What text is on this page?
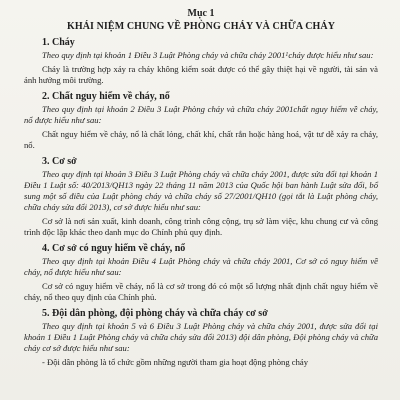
Mục 1

KHÁI NIỆM CHUNG VỀ PHÒNG CHÁY VÀ CHỮA CHÁY

1. Cháy

Theo quy định tại khoản 1 Điều 3 Luật Phòng cháy và chữa cháy 2001$^1$cháy được hiểu như sau:

Cháy là trường hợp xảy ra cháy không kiểm soát được có thể gây thiệt hại về người, tài sản và ảnh hưởng môi trường.

2. Chất nguy hiểm về cháy, nổ

Theo quy định tại khoản 2 Điều 3 Luật Phòng cháy và chữa cháy 2001chất nguy hiểm về cháy, nổ được hiểu như sau:

Chất nguy hiểm về cháy, nổ là chất lỏng, chất khí, chất rắn hoặc hàng hoá, vật tư dễ xảy ra cháy, nổ.

3. Cơ sở

Theo quy định tại khoản 3 Điều 3 Luật Phòng cháy và chữa cháy 2001, được sửa đổi tại khoản 1 Điều 1 Luật số: 40/2013/QH13 ngày 22 tháng 11 năm 2013 của Quốc hội ban hành Luật sửa đổi, bổ sung một số điều của Luật phòng cháy và chữa cháy số 27/2001/QH10 (gọi tắt là Luật phòng cháy, chữa cháy sửa đổi 2013), cơ sở được hiểu như sau:

Cơ sở là nơi sản xuất, kinh doanh, công trình công cộng, trụ sở làm việc, khu chung cư và công trình độc lập khác theo danh mục do Chính phủ quy định.

4. Cơ sở có nguy hiểm về cháy, nổ

Theo quy định tại khoản Điều 4 Luật Phòng cháy và chữa cháy 2001, Cơ sở có nguy hiểm về cháy, nổ được hiểu như sau:

Cơ sở có nguy hiểm về cháy, nổ là cơ sở trong đó có một số lượng nhất định chất nguy hiểm về cháy, nổ theo quy định của Chính phủ.

5. Đội dân phòng, đội phòng cháy và chữa cháy cơ sở

Theo quy định tại khoản 5 và 6 Điều 3 Luật Phòng cháy và chữa cháy 2001, được sửa đổi tại khoản 1 Điều 1 Luật Phòng cháy và chữa cháy sửa đổi 2013) đội dân phòng, Đội phòng cháy và chữa cháy cơ sở được hiểu như sau:

- Đội dân phòng là tổ chức gồm những người tham gia hoạt động phòng cháy
